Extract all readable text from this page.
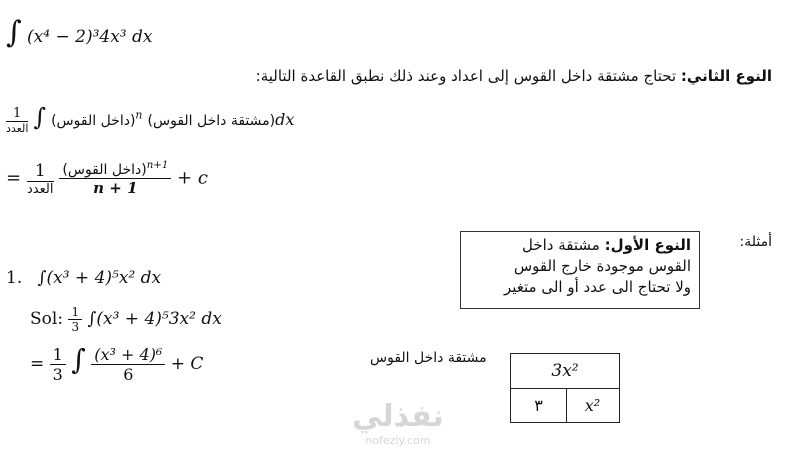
∫ (x⁴ − 2)³4x³ dx
النوع الثاني: تحتاج مشتقة داخل القوس إلى اعداد وعند ذلك نطبق القاعدة التالية:
$\frac{1}{\text{العدد}}$ ∫ (داخل القوس)$^n$ (مشتقة داخل القوس)dx
= $\frac{1}{\text{العدد}}$
$\frac{(داخل القوس)^{n+1}}{n + 1} + c$
أمثلة:
النوع الأول: مشتقة داخل
القوس موجودة خارج القوس
ولا تحتاج الى عدد أو الى متغير
1. ∫(x³ + 4)⁵x² dx
Sol: $\frac{1}{3} \int(x^3 + 4)^53x^2$ dx
= $\frac{1}{3}$ ∫ $\frac{\text{(x³ + 4)⁶}}{6} + C$	مشتقة داخل القوس
3x²
٣	x²
نفذلي
nofezly.com
